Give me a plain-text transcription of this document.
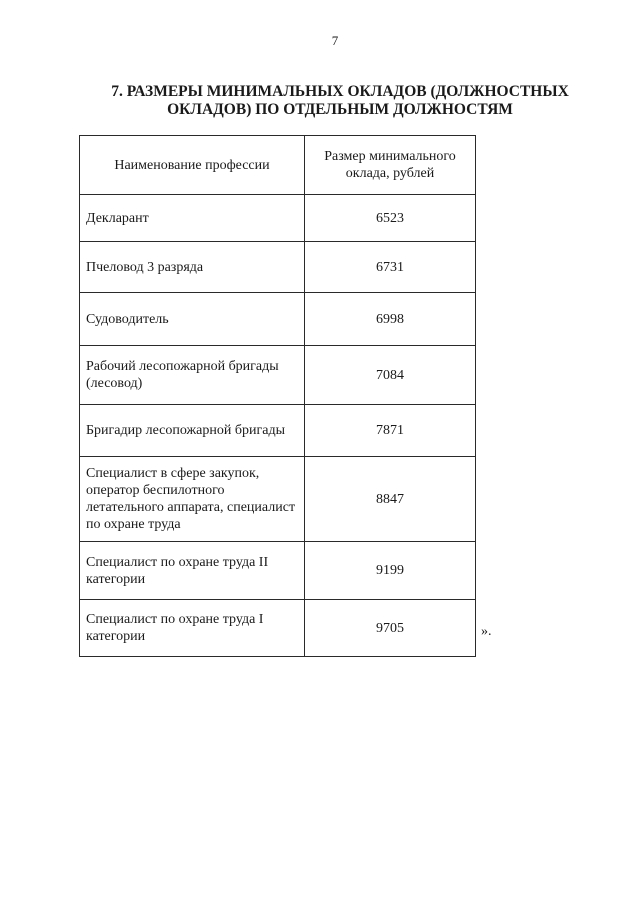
7
7. РАЗМЕРЫ МИНИМАЛЬНЫХ ОКЛАДОВ (ДОЛЖНОСТНЫХ ОКЛАДОВ) ПО ОТДЕЛЬНЫМ ДОЛЖНОСТЯМ
Наименование профессии	Размер минимального оклада, рублей
Декларант	6523
Пчеловод 3 разряда	6731
Судоводитель	6998
Рабочий лесопожарной бригады (лесовод)	7084
Бригадир лесопожарной бригады	7871
Специалист в сфере закупок, оператор беспилотного летательного аппарата, специалист по охране труда	8847
Специалист по охране труда II категории	9199
Специалист по охране труда I категории	9705	».
